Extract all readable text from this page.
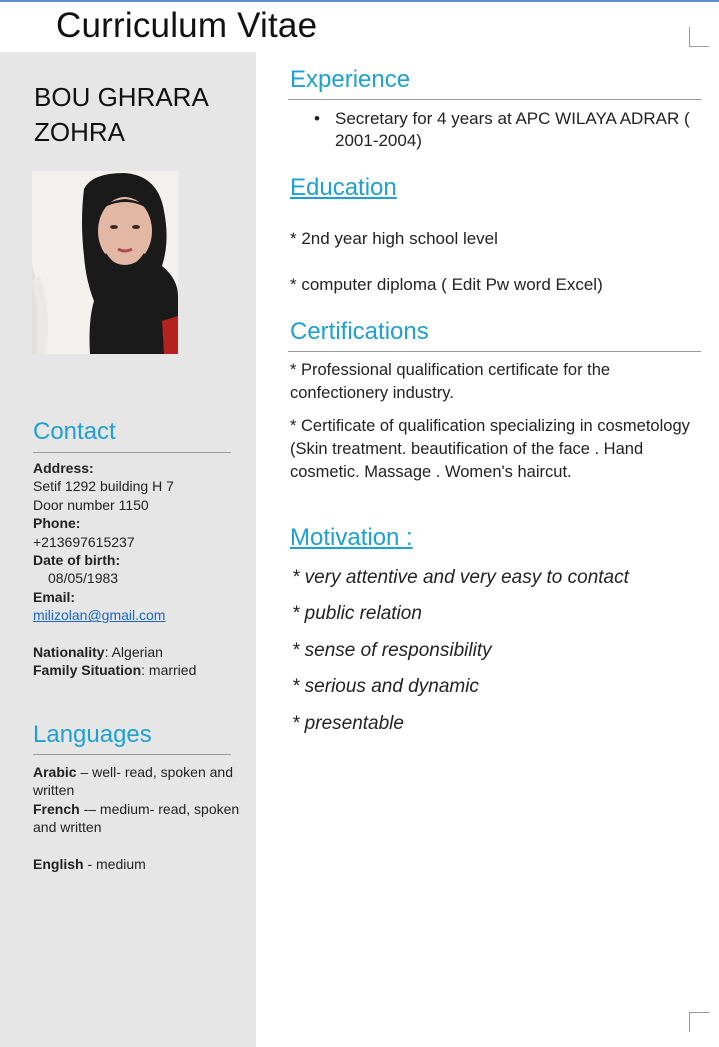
Curriculum Vitae
BOU GHRARA
ZOHRA
Contact
Address:
Setif 1292 building H 7
Door number 1150
Phone:
+213697615237
Date of birth:
08/05/1983
Email:
milizolan@gmail.com
Nationality: Algerian
Family Situation: married
Languages
Arabic – well- read, spoken and written
French -– medium- read, spoken and written
English - medium
Experience
• Secretary for 4 years at APC WILAYA ADRAR ( 2001-2004)
Education
* 2nd year high school level
* computer diploma ( Edit Pw word Excel)
Certifications
* Professional qualification certificate for the confectionery industry.
* Certificate of qualification specializing in cosmetology (Skin treatment. beautification of the face . Hand cosmetic. Massage . Women's haircut.
Motivation :
* very attentive and very easy to contact
* public relation
* sense of responsibility
* serious and dynamic
* presentable
